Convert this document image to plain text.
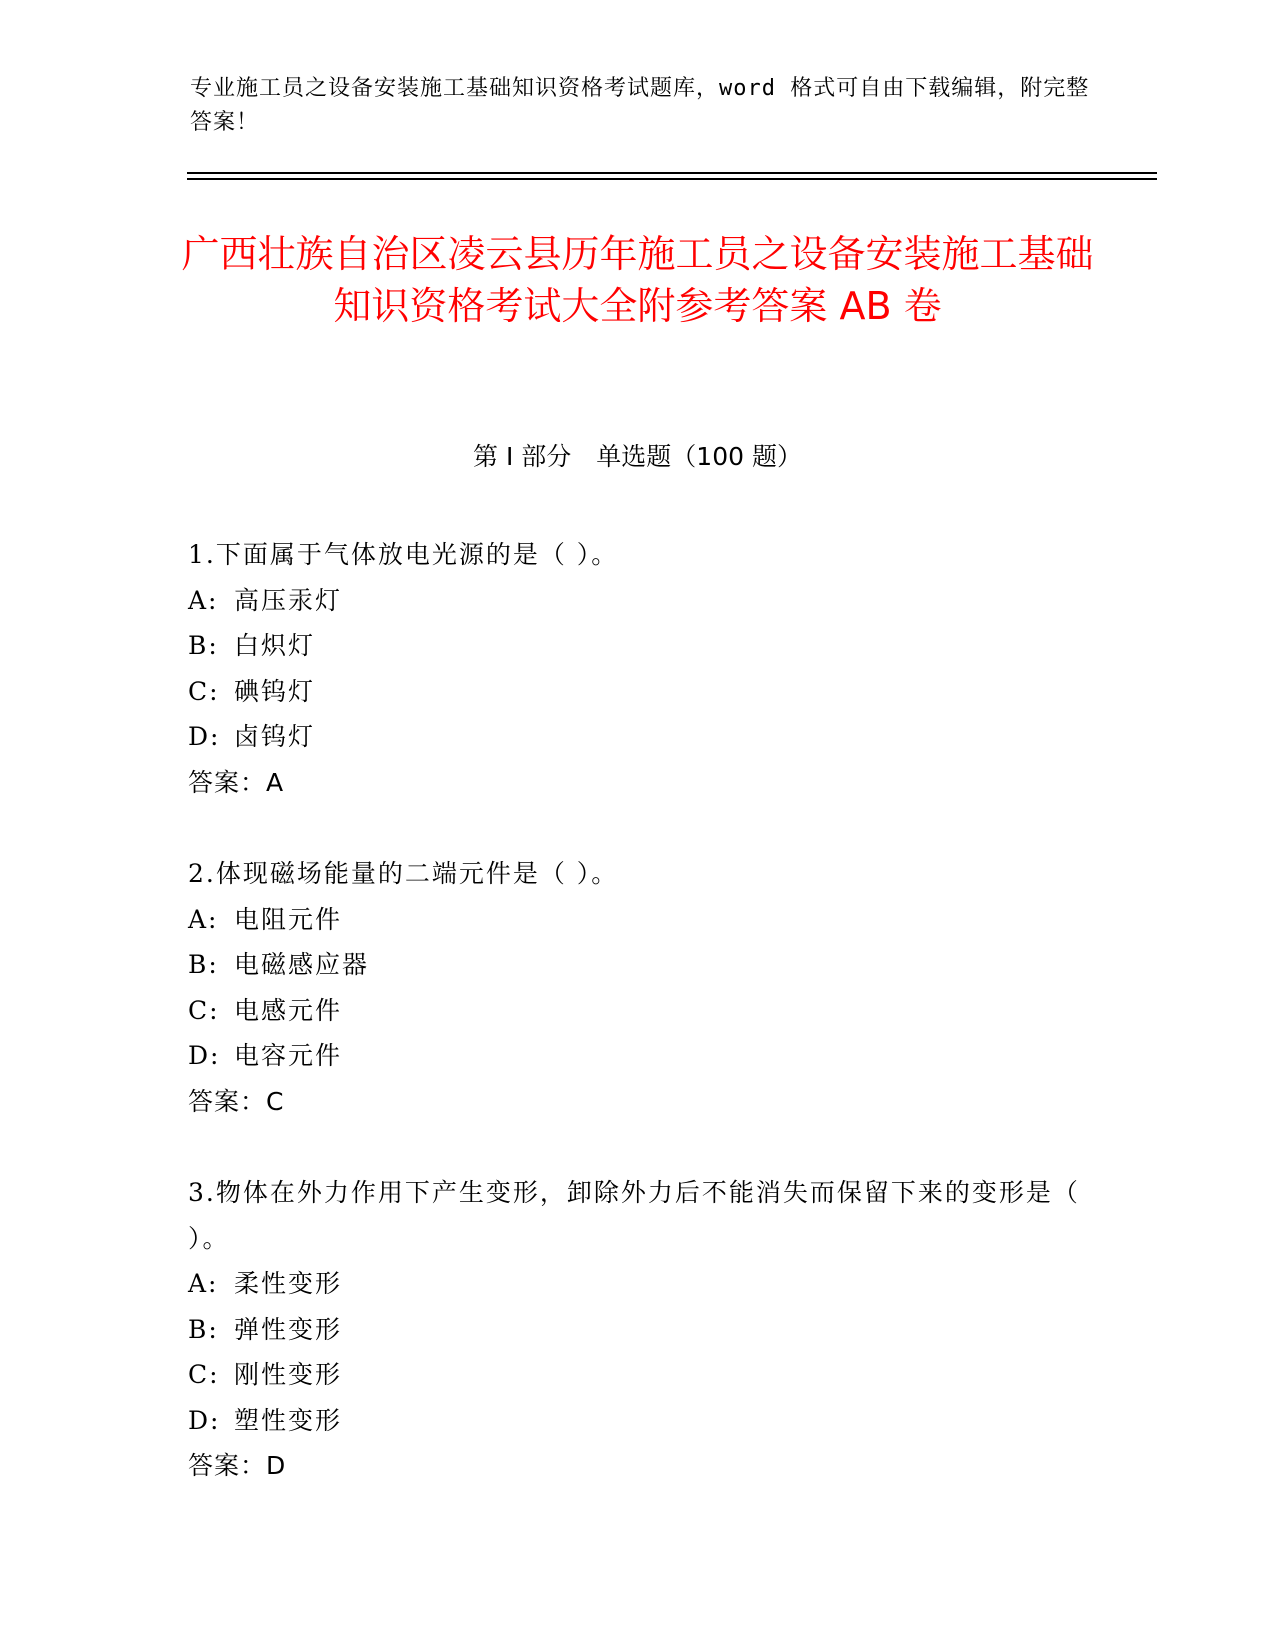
专业施工员之设备安装施工基础知识资格考试题库，word 格式可自由下载编辑，附完整答案！
广西壮族自治区凌云县历年施工员之设备安装施工基础知识资格考试大全附参考答案 AB 卷
第 I 部分　单选题（100 题）
1.下面属于气体放电光源的是（ ）。
A: 高压汞灯
B: 白炽灯
C: 碘钨灯
D: 卤钨灯
答案：A
2.体现磁场能量的二端元件是（ ）。
A: 电阻元件
B: 电磁感应器
C: 电感元件
D: 电容元件
答案：C
3.物体在外力作用下产生变形，卸除外力后不能消失而保留下来的变形是（ ）。
A: 柔性变形
B: 弹性变形
C: 刚性变形
D: 塑性变形
答案：D
